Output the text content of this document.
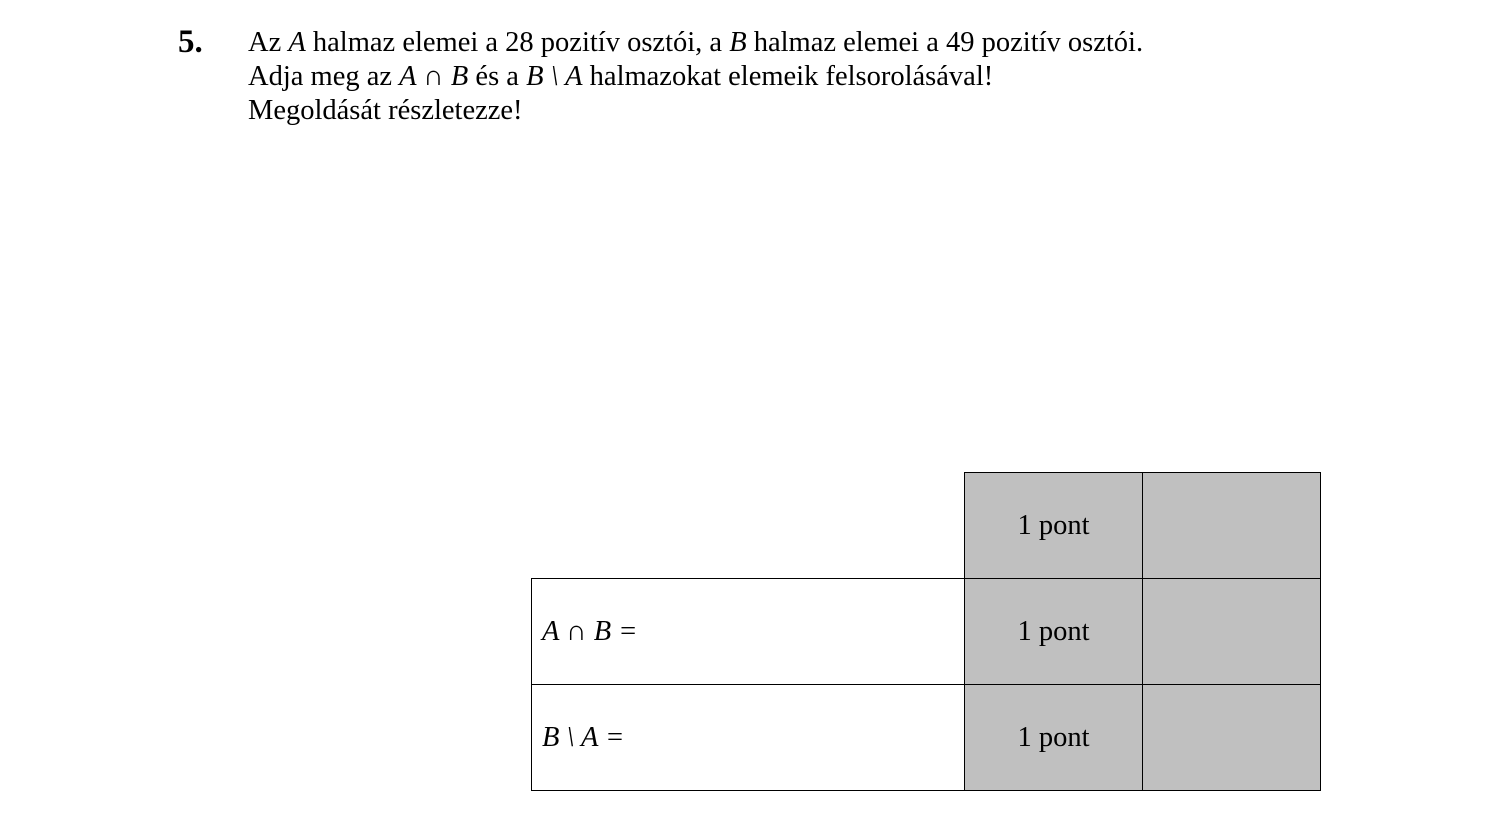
5. Az A halmaz elemei a 28 pozitív osztói, a B halmaz elemei a 49 pozitív osztói.
Adja meg az A ∩ B és a B \ A halmazokat elemeik felsorolásával!
Megoldását részletezze!
1 pont
A ∩ B =	1 pont
B \ A =	1 pont
